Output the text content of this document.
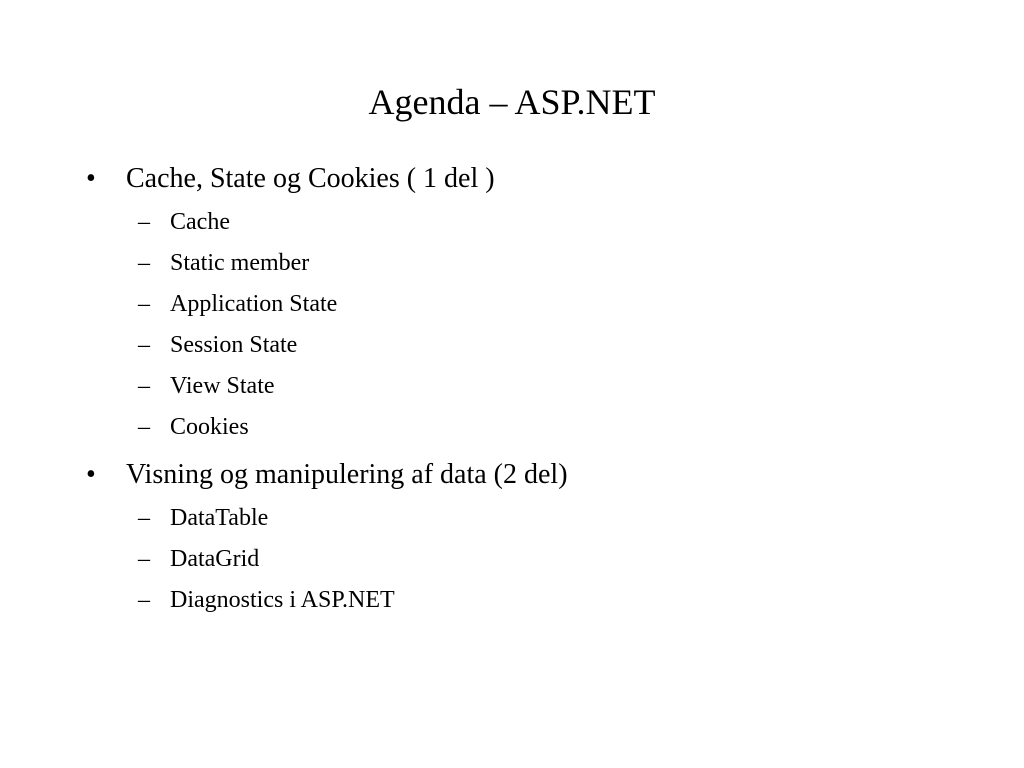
Agenda – ASP.NET
• Cache, State og Cookies ( 1 del )
– Cache
– Static member
– Application State
– Session State
– View State
– Cookies
• Visning og manipulering af data (2 del)
– DataTable
– DataGrid
– Diagnostics i ASP.NET
